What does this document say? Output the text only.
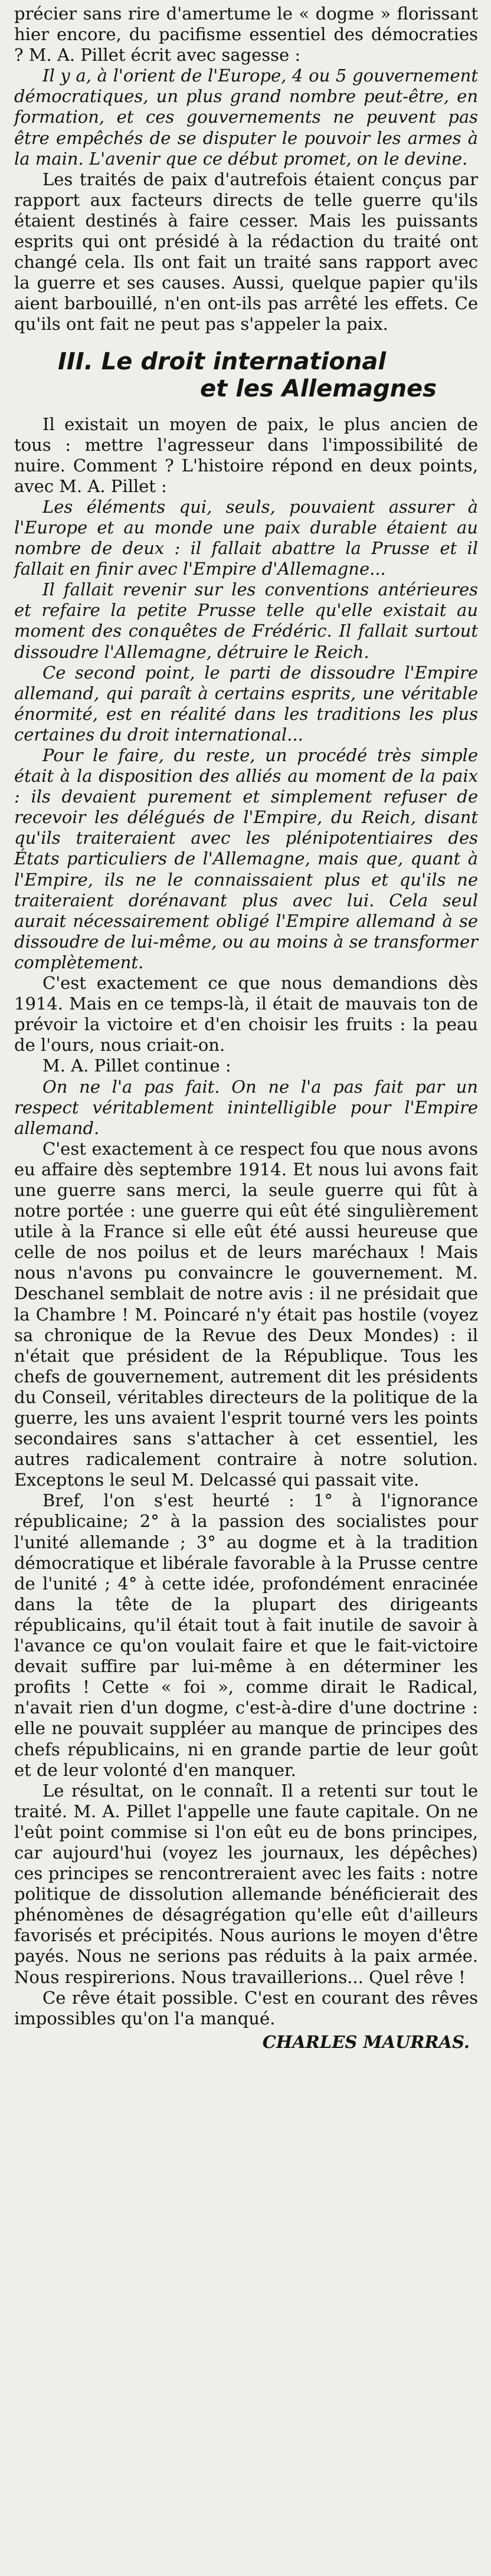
précier sans rire d'amertume le « dogme » florissant hier encore, du pacifisme essentiel des démocraties ? M. A. Pillet écrit avec sagesse :

Il y a, à l'orient de l'Europe, 4 ou 5 gouvernement démocratiques, un plus grand nombre peut-être, en formation, et ces gouvernements ne peuvent pas être empêchés de se disputer le pouvoir les armes à la main. L'avenir que ce début promet, on le devine.

Les traités de paix d'autrefois étaient conçus par rapport aux facteurs directs de telle guerre qu'ils étaient destinés à faire cesser. Mais les puissants esprits qui ont présidé à la rédaction du traité ont changé cela. Ils ont fait un traité sans rapport avec la guerre et ses causes. Aussi, quelque papier qu'ils aient barbouillé, n'en ont-ils pas arrêté les effets. Ce qu'ils ont fait ne peut pas s'appeler la paix.

III. Le droit international
et les Allemagnes

Il existait un moyen de paix, le plus ancien de tous : mettre l'agresseur dans l'impossibilité de nuire. Comment ? L'histoire répond en deux points, avec M. A. Pillet :

Les éléments qui, seuls, pouvaient assurer à l'Europe et au monde une paix durable étaient au nombre de deux : il fallait abattre la Prusse et il fallait en finir avec l'Empire d'Allemagne...

Il fallait revenir sur les conventions antérieures et refaire la petite Prusse telle qu'elle existait au moment des conquêtes de Frédéric. Il fallait surtout dissoudre l'Allemagne, détruire le Reich.

Ce second point, le parti de dissoudre l'Empire allemand, qui paraît à certains esprits, une véritable énormité, est en réalité dans les traditions les plus certaines du droit international...

Pour le faire, du reste, un procédé très simple était à la disposition des alliés au moment de la paix : ils devaient purement et simplement refuser de recevoir les délégués de l'Empire, du Reich, disant qu'ils traiteraient avec les plénipotentiaires des États particuliers de l'Allemagne, mais que, quant à l'Empire, ils ne le connaissaient plus et qu'ils ne traiteraient dorénavant plus avec lui. Cela seul aurait nécessairement obligé l'Empire allemand à se dissoudre de lui-même, ou au moins à se transformer complètement.

C'est exactement ce que nous demandions dès 1914. Mais en ce temps-là, il était de mauvais ton de prévoir la victoire et d'en choisir les fruits : la peau de l'ours, nous criait-on.

M. A. Pillet continue :

On ne l'a pas fait. On ne l'a pas fait par un respect véritablement inintelligible pour l'Empire allemand.

C'est exactement à ce respect fou que nous avons eu affaire dès septembre 1914. Et nous lui avons fait une guerre sans merci, la seule guerre qui fût à notre portée : une guerre qui eût été singulièrement utile à la France si elle eût été aussi heureuse que celle de nos poilus et de leurs maréchaux ! Mais nous n'avons pu convaincre le gouvernement. M. Deschanel semblait de notre avis : il ne présidait que la Chambre ! M. Poincaré n'y était pas hostile (voyez sa chronique de la Revue des Deux Mondes) : il n'était que président de la République. Tous les chefs de gouvernement, autrement dit les présidents du Conseil, véritables directeurs de la politique de la guerre, les uns avaient l'esprit tourné vers les points secondaires sans s'attacher à cet essentiel, les autres radicalement contraire à notre solution. Exceptons le seul M. Delcassé qui passait vite.

Bref, l'on s'est heurté : 1° à l'ignorance républicaine; 2° à la passion des socialistes pour l'unité allemande ; 3° au dogme et à la tradition démocratique et libérale favorable à la Prusse centre de l'unité ; 4° à cette idée, profondément enracinée dans la tête de la plupart des dirigeants républicains, qu'il était tout à fait inutile de savoir à l'avance ce qu'on voulait faire et que le fait-victoire devait suffire par lui-même à en déterminer les profits ! Cette « foi », comme dirait le Radical, n'avait rien d'un dogme, c'est-à-dire d'une doctrine : elle ne pouvait suppléer au manque de principes des chefs républicains, ni en grande partie de leur goût et de leur volonté d'en manquer.

Le résultat, on le connaît. Il a retenti sur tout le traité. M. A. Pillet l'appelle une faute capitale. On ne l'eût point commise si l'on eût eu de bons principes, car aujourd'hui (voyez les journaux, les dépêches) ces principes se rencontreraient avec les faits : notre politique de dissolution allemande bénéficierait des phénomènes de désagrégation qu'elle eût d'ailleurs favorisés et précipités. Nous aurions le moyen d'être payés. Nous ne serions pas réduits à la paix armée. Nous respirerions. Nous travaillerions... Quel rêve !

Ce rêve était possible. C'est en courant des rêves impossibles qu'on l'a manqué.

CHARLES MAURRAS.
